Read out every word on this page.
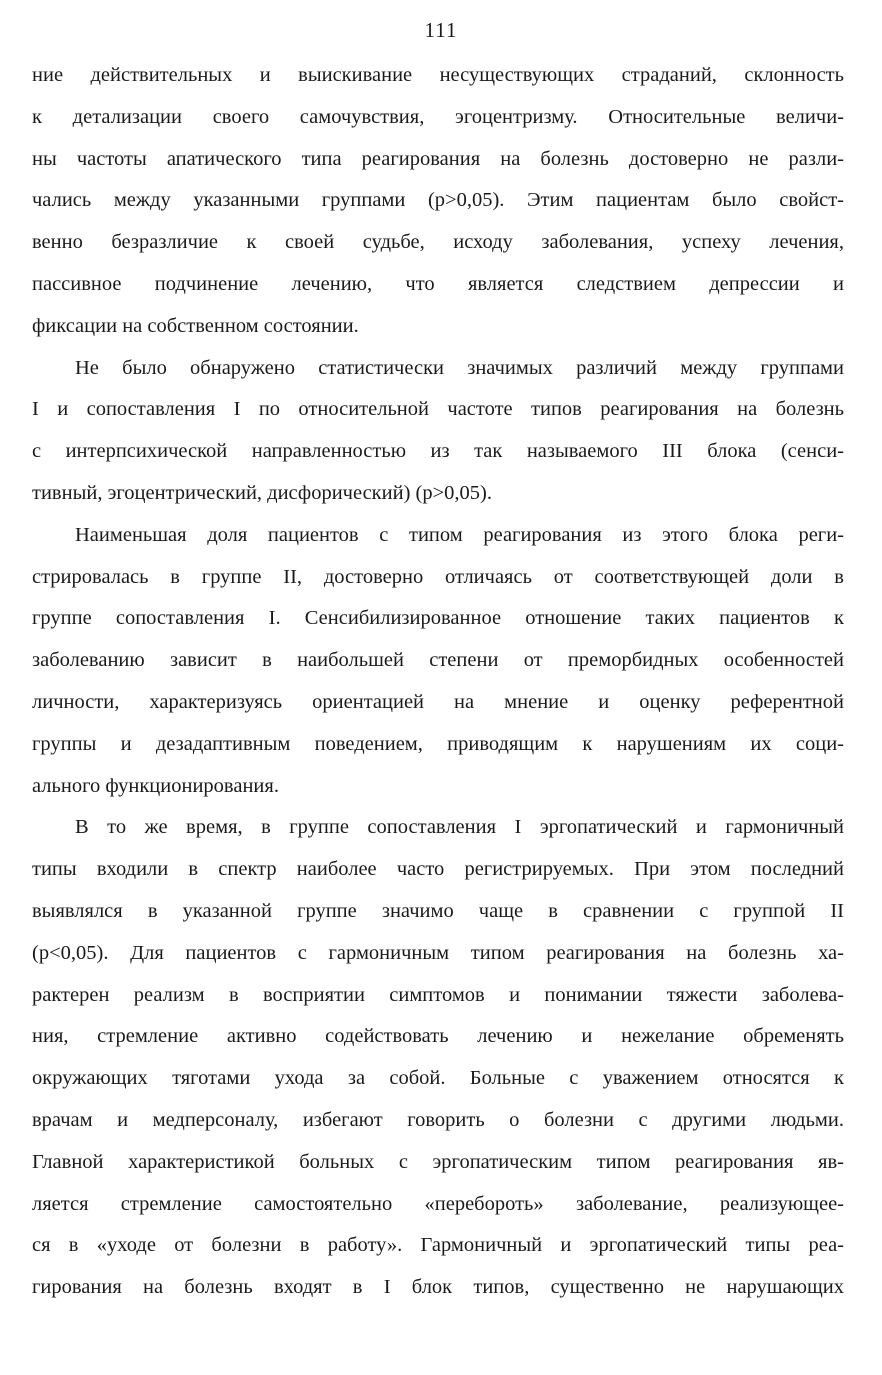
111
ние действительных и выискивание несуществующих страданий, склонность
к детализации своего самочувствия, эгоцентризму. Относительные величи-
ны частоты апатического типа реагирования на болезнь достоверно не разли-
чались между указанными группами (р>0,05). Этим пациентам было свойст-
венно безразличие к своей судьбе, исходу заболевания, успеху лечения,
пассивное подчинение лечению, что является следствием депрессии и
фиксации на собственном состоянии.
Не было обнаружено статистически значимых различий между группами
I и сопоставления I по относительной частоте типов реагирования на болезнь
с интерпсихической направленностью из так называемого III блока (сенси-
тивный, эгоцентрический, дисфорический) (р>0,05).
Наименьшая доля пациентов с типом реагирования из этого блока реги-
стрировалась в группе II, достоверно отличаясь от соответствующей доли в
группе сопоставления I. Сенсибилизированное отношение таких пациентов к
заболеванию зависит в наибольшей степени от преморбидных особенностей
личности, характеризуясь ориентацией на мнение и оценку референтной
группы и дезадаптивным поведением, приводящим к нарушениям их соци-
ального функционирования.
В то же время, в группе сопоставления I эргопатический и гармоничный
типы входили в спектр наиболее часто регистрируемых. При этом последний
выявлялся в указанной группе значимо чаще в сравнении с группой II
(р<0,05). Для пациентов с гармоничным типом реагирования на болезнь ха-
рактерен реализм в восприятии симптомов и понимании тяжести заболева-
ния, стремление активно содействовать лечению и нежелание обременять
окружающих тяготами ухода за собой. Больные с уважением относятся к
врачам и медперсоналу, избегают говорить о болезни с другими людьми.
Главной характеристикой больных с эргопатическим типом реагирования яв-
ляется стремление самостоятельно «перебороть» заболевание, реализующее-
ся в «уходе от болезни в работу». Гармоничный и эргопатический типы реа-
гирования на болезнь входят в I блок типов, существенно не нарушающих
